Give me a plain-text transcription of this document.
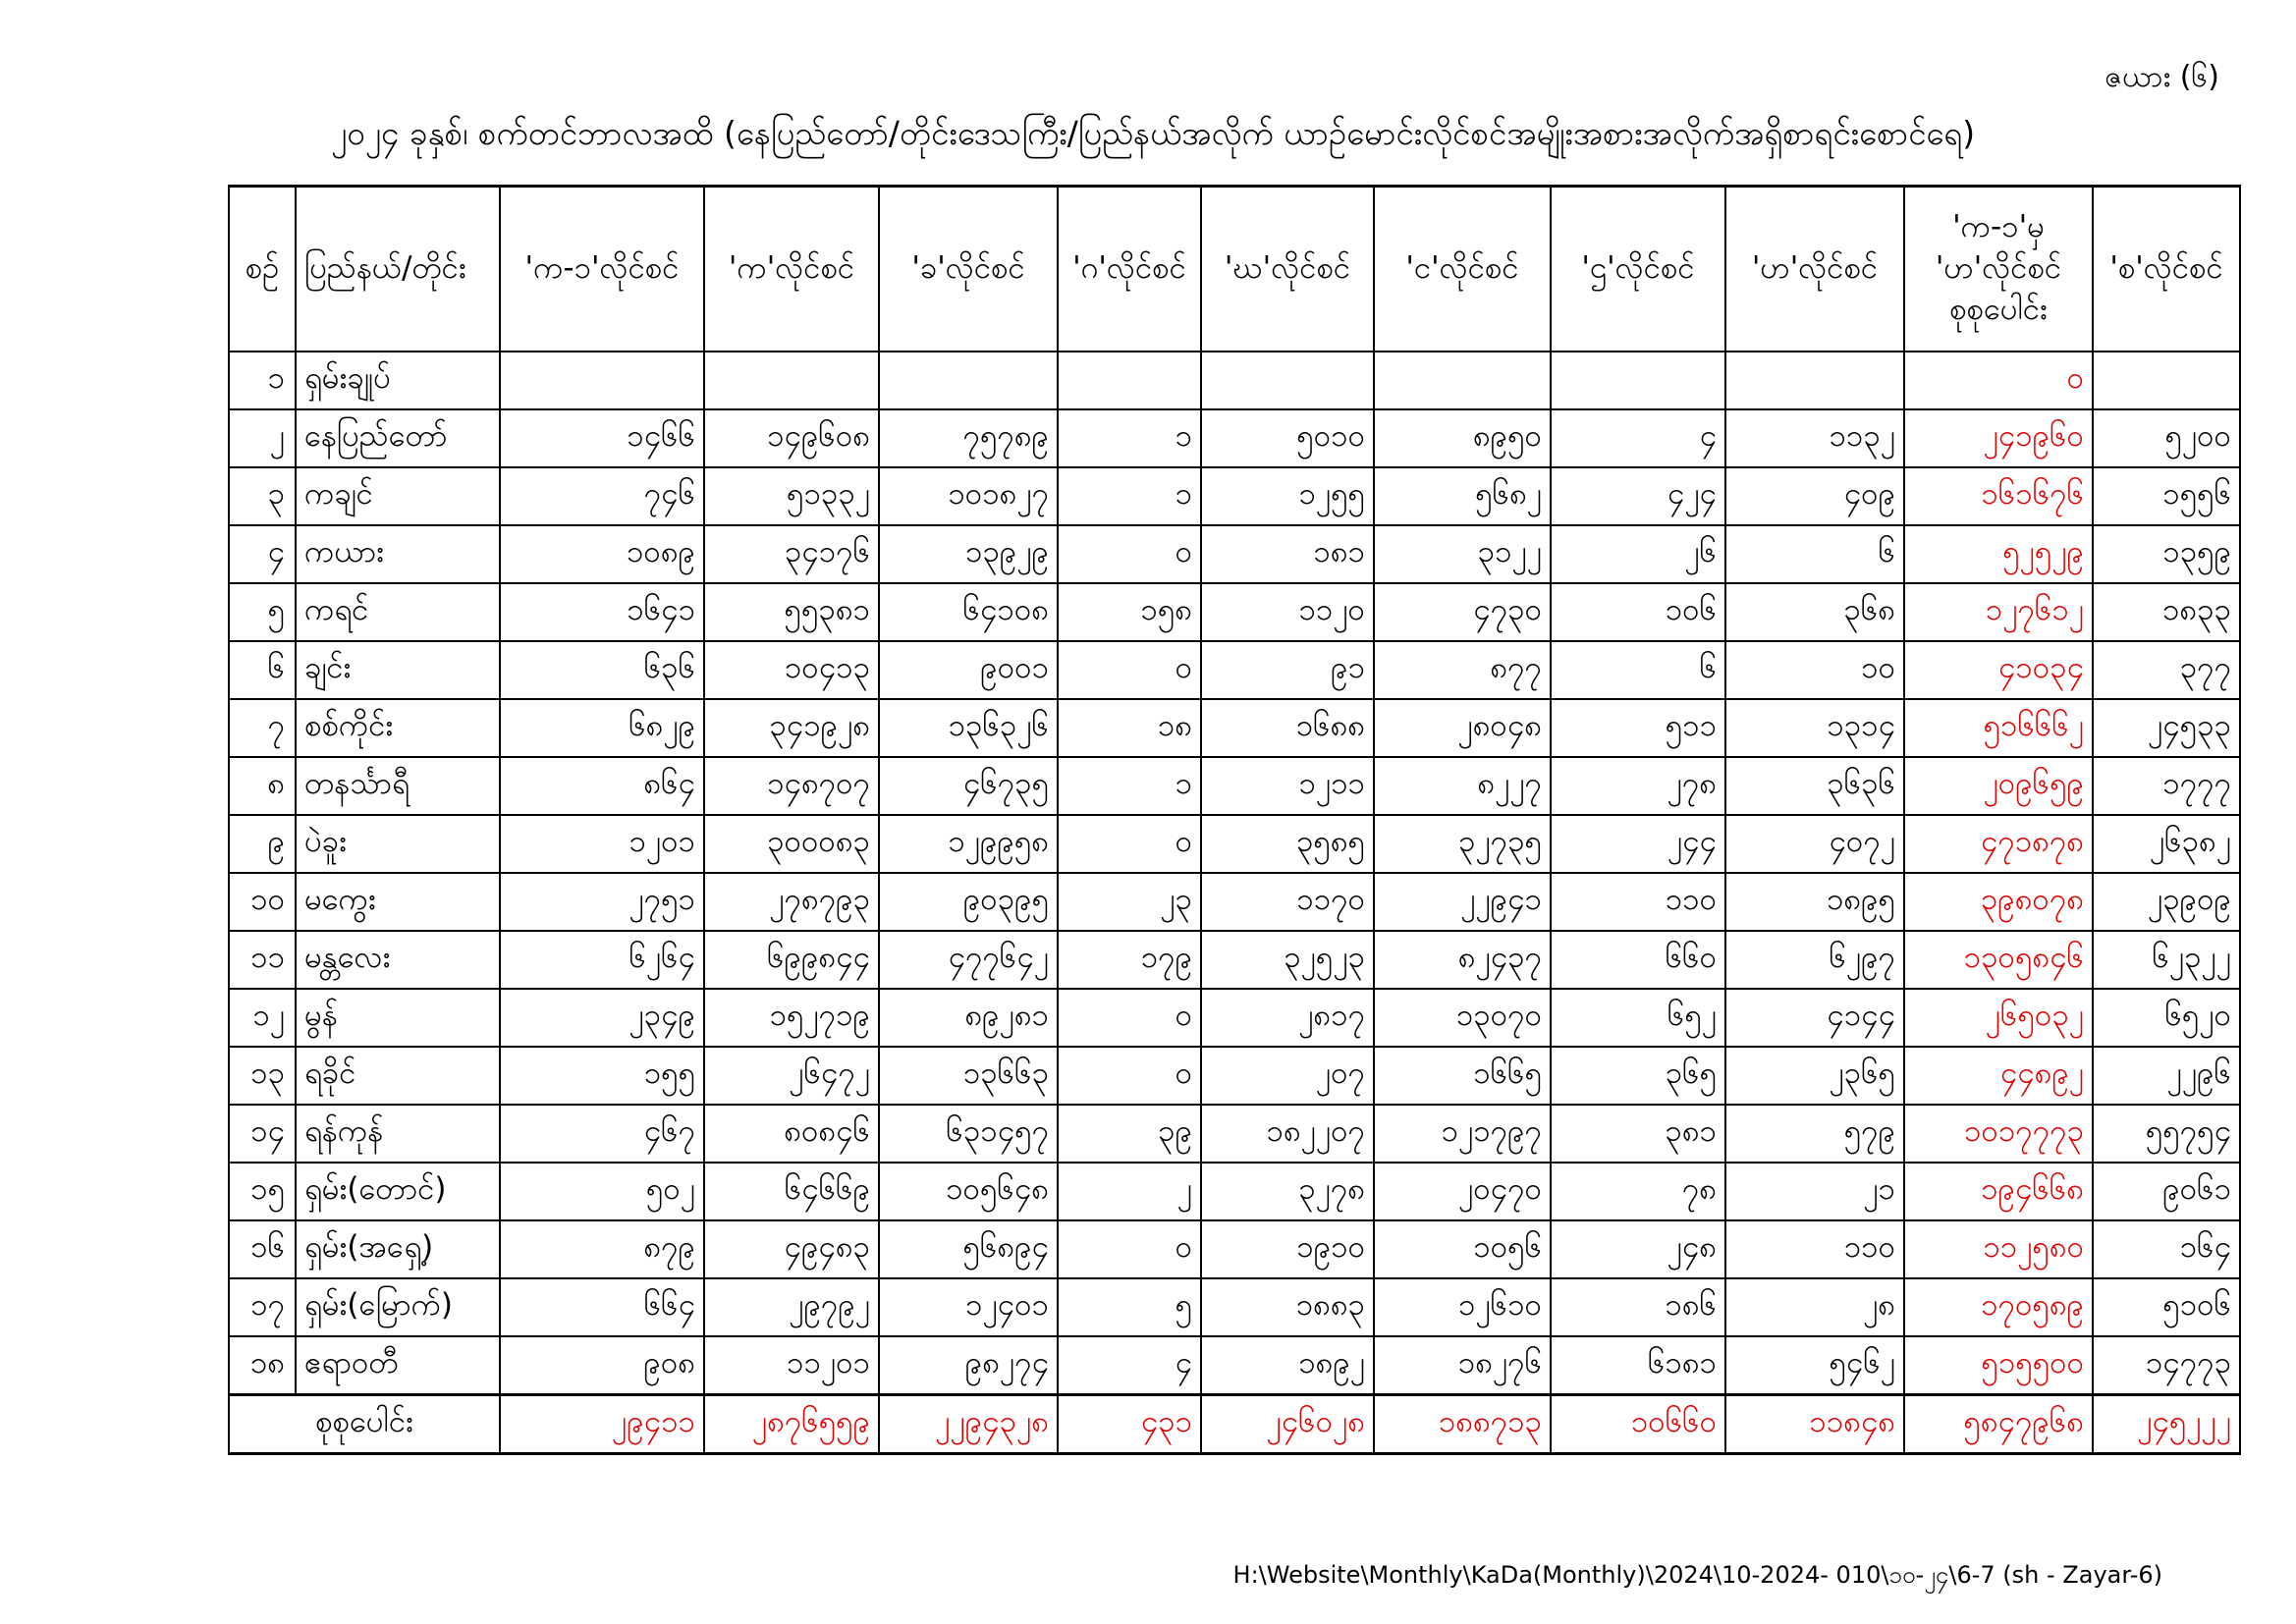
ဇယား (၆)
၂၀၂၄ ခုနှစ်၊ စက်တင်ဘာလအထိ (နေပြည်တော်/တိုင်းဒေသကြီး/ပြည်နယ်အလိုက် ယာဉ်မောင်းလိုင်စင်အမျိုးအစားအလိုက်အရှိစာရင်းစောင်ရေ)
စဉ်	ပြည်နယ်/တိုင်း	'က-၁'လိုင်စင်	'က'လိုင်စင်	'ခ'လိုင်စင်	'ဂ'လိုင်စင်	'ဃ'လိုင်စင်	'င'လိုင်စင်	'ဌ'လိုင်စင်	'ဟ'လိုင်စင်	'က-၁'မှ 'ဟ'လိုင်စင် စုစုပေါင်း	'စ'လိုင်စင်
၁	ရှမ်းချုပ်									၀	
၂	နေပြည်တော်	၁၄၆၆	၁၄၉၆၀၈	၇၅၇၈၉	၁	၅၀၁၀	၈၉၅၀	၄	၁၁၃၂	၂၄၁၉၆၀	၅၂၀၀
၃	ကချင်	၇၄၆	၅၁၃၃၂	၁၀၁၈၂၇	၁	၁၂၅၅	၅၆၈၂	၄၂၄	၄၀၉	၁၆၁၆၇၆	၁၅၅၆
၄	ကယား	၁၀၈၉	၃၄၁၇၆	၁၃၉၂၉	၀	၁၈၁	၃၁၂၂	၂၆	၆	၅၂၅၂၉	၁၃၅၉
၅	ကရင်	၁၆၄၁	၅၅၃၈၁	၆၄၁၀၈	၁၅၈	၁၁၂၀	၄၇၃၀	၁၀၆	၃၆၈	၁၂၇၆၁၂	၁၈၃၃
၆	ချင်း	၆၃၆	၁၀၄၁၃	၉၀၀၁	၀	၉၁	၈၇၇	၆	၁၀	၄၁၀၃၄	၃၇၇
၇	စစ်ကိုင်း	၆၈၂၉	၃၄၁၉၂၈	၁၃၆၃၂၆	၁၈	၁၆၈၈	၂၈၀၄၈	၅၁၁	၁၃၁၄	၅၁၆၆၆၂	၂၄၅၃၃
၈	တနင်္သာရီ	၈၆၄	၁၄၈၇၀၇	၄၆၇၃၅	၁	၁၂၁၁	၈၂၂၇	၂၇၈	၃၆၃၆	၂၀၉၆၅၉	၁၇၇၇
၉	ပဲခူး	၁၂၀၁	၃၀၀၀၈၃	၁၂၉၉၅၈	၀	၃၅၈၅	၃၂၇၃၅	၂၄၄	၄၀၇၂	၄၇၁၈၇၈	၂၆၃၈၂
၁၀	မကွေး	၂၇၅၁	၂၇၈၇၉၃	၉၀၃၉၅	၂၃	၁၁၇၀	၂၂၉၄၁	၁၁၀	၁၈၉၅	၃၉၈၀၇၈	၂၃၉၀၉
၁၁	မန္တလေး	၆၂၆၄	၆၉၉၈၄၄	၄၇၇၆၄၂	၁၇၉	၃၂၅၂၃	၈၂၄၃၇	၆၆၀	၆၂၉၇	၁၃၀၅၈၄၆	၆၂၃၂၂
၁၂	မွန်	၂၃၄၉	၁၅၂၇၁၉	၈၉၂၈၁	၀	၂၈၁၇	၁၃၀၇၀	၆၅၂	၄၁၄၄	၂၆၅၀၃၂	၆၅၂၀
၁၃	ရခိုင်	၁၅၅	၂၆၄၇၂	၁၃၆၆၃	၀	၂၀၇	၁၆၆၅	၃၆၅	၂၃၆၅	၄၄၈၉၂	၂၂၉၆
၁၄	ရန်ကုန်	၄၆၇	၈၀၈၄၆	၆၃၁၄၅၇	၃၉	၁၈၂၂၀၇	၁၂၁၇၉၇	၃၈၁	၅၇၉	၁၀၁၇၇၇၃	၅၅၇၅၄
၁၅	ရှမ်း(တောင်)	၅၀၂	၆၄၆၆၉	၁၀၅၆၄၈	၂	၃၂၇၈	၂၀၄၇၀	၇၈	၂၁	၁၉၄၆၆၈	၉၀၆၁
၁၆	ရှမ်း(အရှေ့)	၈၇၉	၄၉၄၈၃	၅၆၈၉၄	၀	၁၉၁၀	၁၀၅၆	၂၄၈	၁၁၀	၁၁၂၅၈၀	၁၆၄
၁၇	ရှမ်း(မြောက်)	၆၆၄	၂၉၇၉၂	၁၂၄၀၁	၅	၁၈၈၃	၁၂၆၁၀	၁၈၆	၂၈	၁၇၀၅၈၉	၅၁၀၆
၁၈	ဧရာဝတီ	၉၀၈	၁၁၂၀၁	၉၈၂၇၄	၄	၁၈၉၂	၁၈၂၇၆	၆၁၈၁	၅၄၆၂	၅၁၅၅၀၀	၁၄၇၇၃
စုစုပေါင်း		၂၉၄၁၁	၂၈၇၆၅၅၉	၂၂၉၄၃၂၈	၄၃၁	၂၄၆၀၂၈	၁၈၈၇၁၃	၁၀၆၆၀	၁၁၈၄၈	၅၈၄၇၉၆၈	၂၄၅၂၂၂
H:\Website\Monthly\KaDa(Monthly)\2024\10-2024- 010\၁၀-၂၄\6-7 (sh - Zayar-6)
